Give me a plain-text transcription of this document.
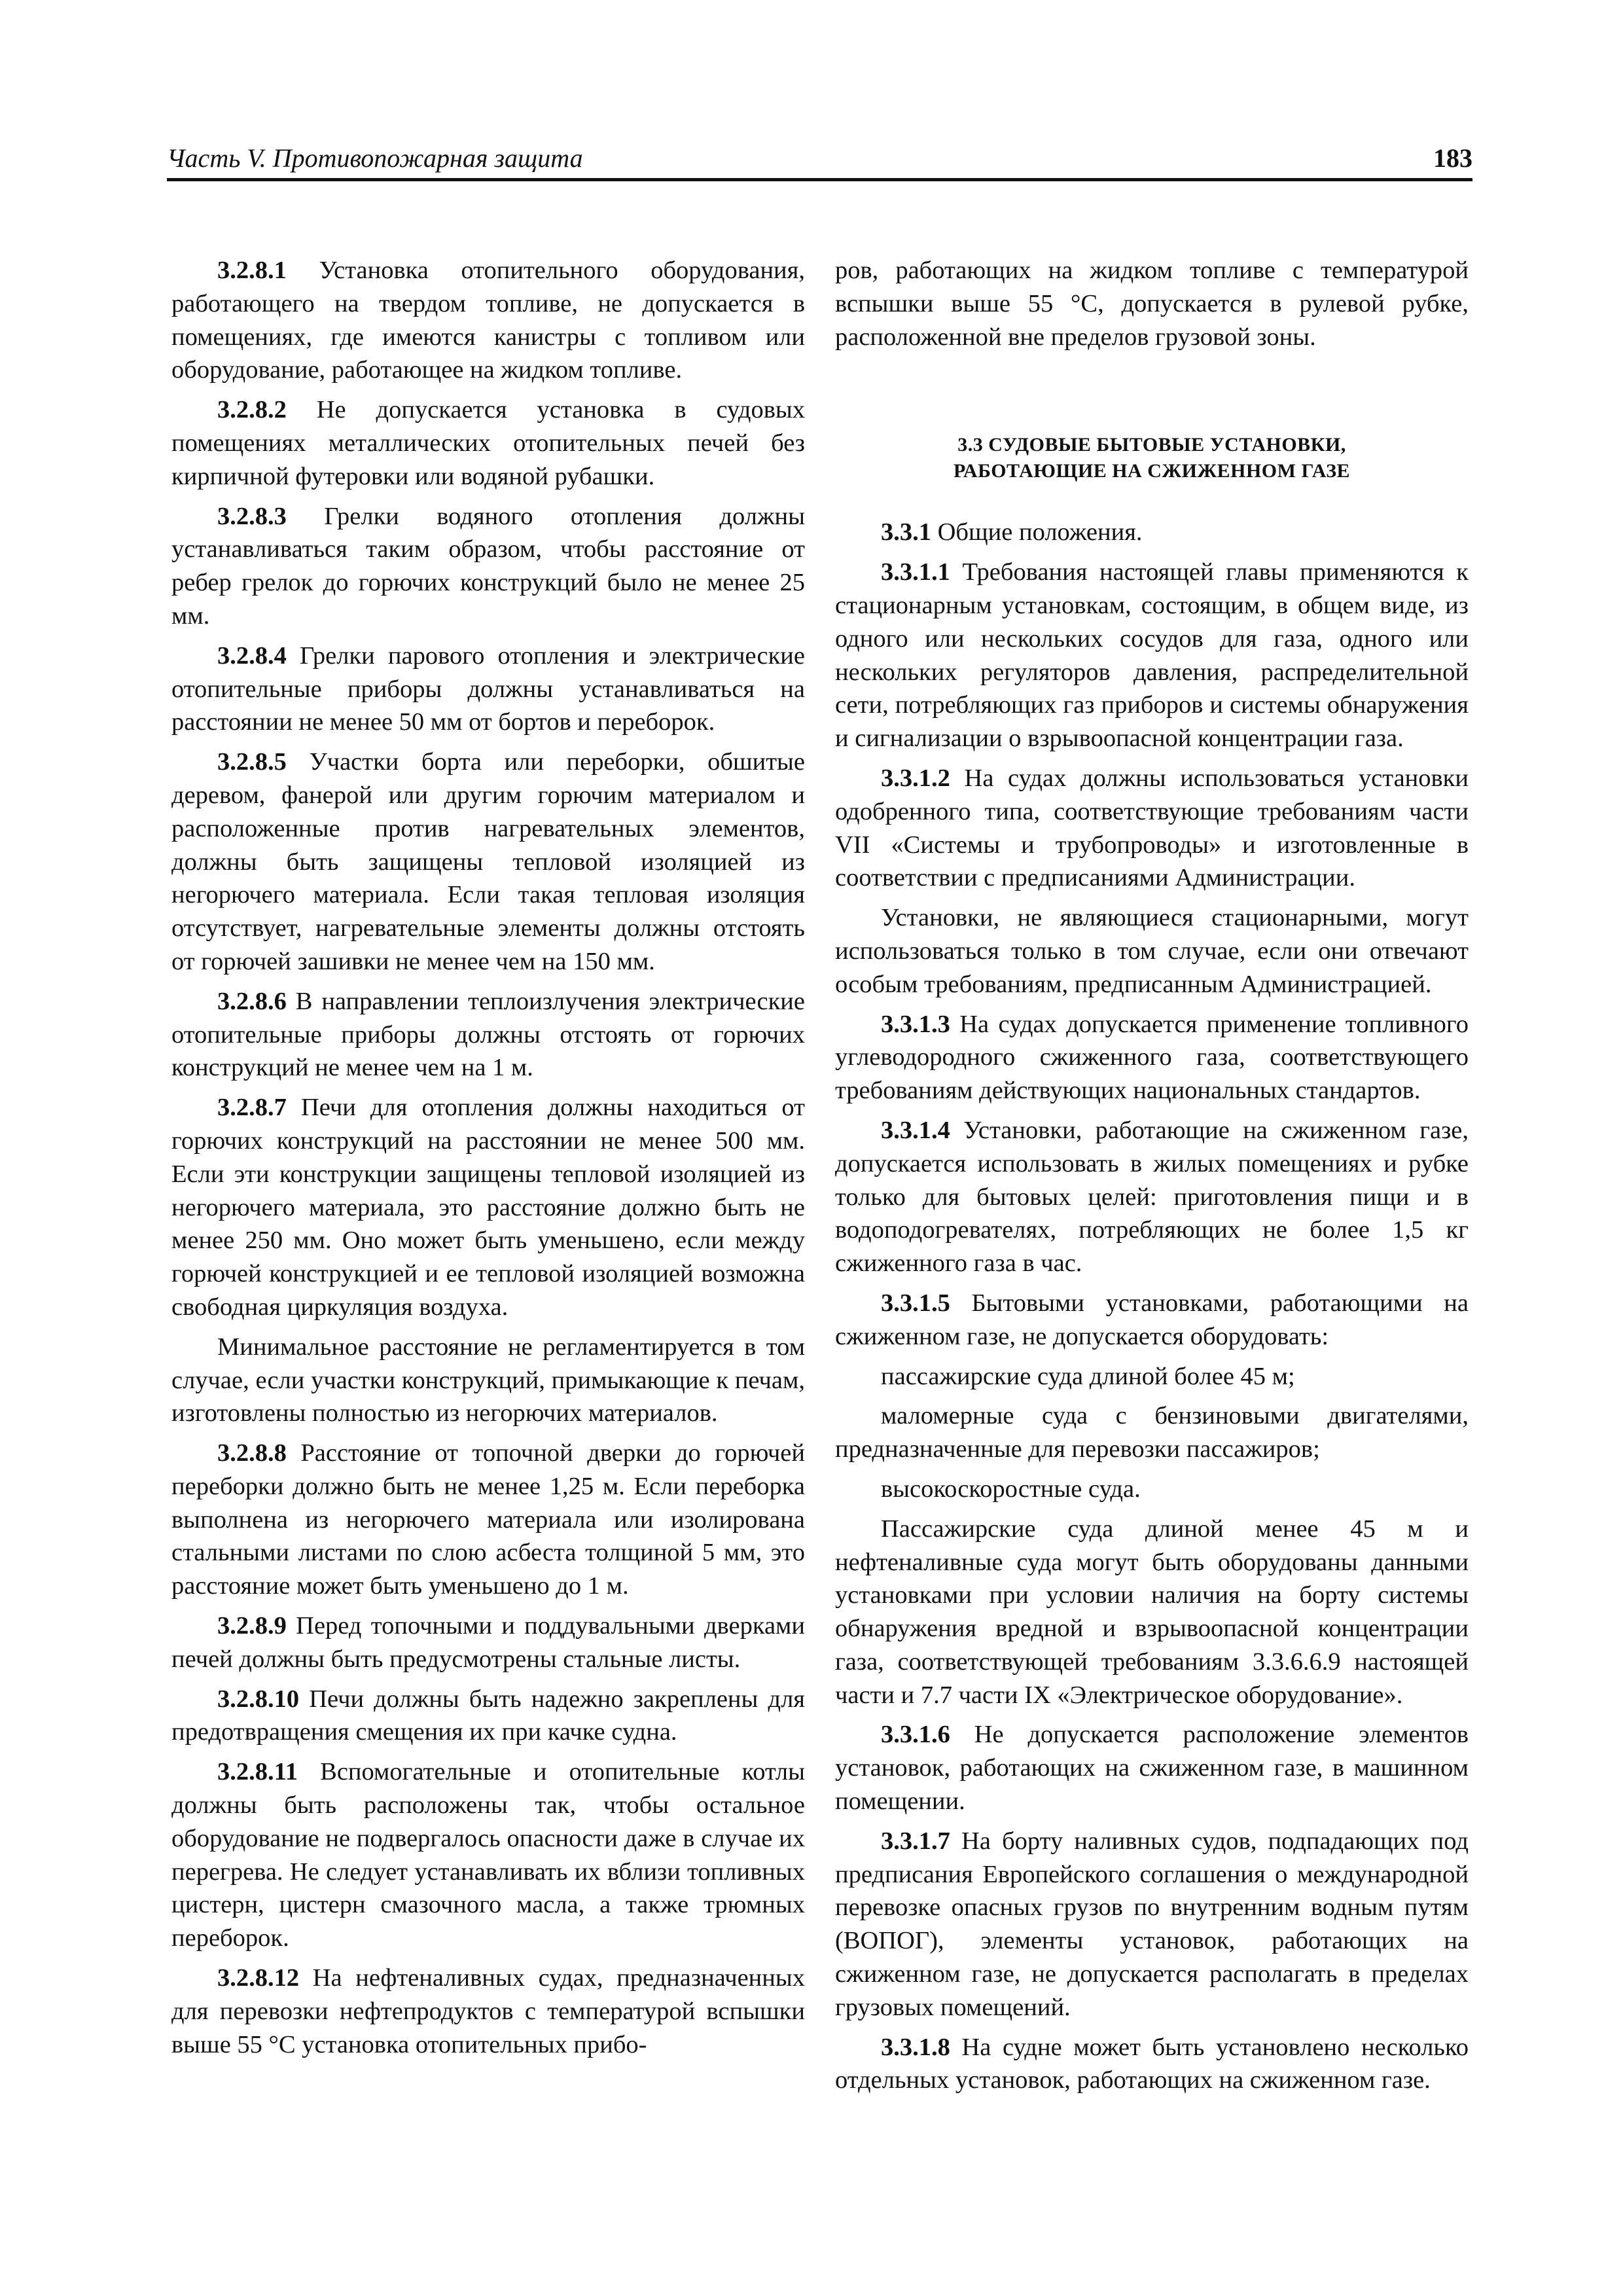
Часть V. Противопожарная защита	183

3.2.8.1 Установка отопительного оборудования, работающего на твердом топливе, не допускается в помещениях, где имеются канистры с топливом или оборудование, работающее на жидком топливе.

3.2.8.2 Не допускается установка в судовых помещениях металлических отопительных печей без кирпичной футеровки или водяной рубашки.

3.2.8.3 Грелки водяного отопления должны устанавливаться таким образом, чтобы расстояние от ребер грелок до горючих конструкций было не менее 25 мм.

3.2.8.4 Грелки парового отопления и электрические отопительные приборы должны устанавливаться на расстоянии не менее 50 мм от бортов и переборок.

3.2.8.5 Участки борта или переборки, обшитые деревом, фанерой или другим горючим материалом и расположенные против нагревательных элементов, должны быть защищены тепловой изоляцией из негорючего материала. Если такая тепловая изоляция отсутствует, нагревательные элементы должны отстоять от горючей зашивки не менее чем на 150 мм.

3.2.8.6 В направлении теплоизлучения электрические отопительные приборы должны отстоять от горючих конструкций не менее чем на 1 м.

3.2.8.7 Печи для отопления должны находиться от горючих конструкций на расстоянии не менее 500 мм. Если эти конструкции защищены тепловой изоляцией из негорючего материала, это расстояние должно быть не менее 250 мм. Оно может быть уменьшено, если между горючей конструкцией и ее тепловой изоляцией возможна свободная циркуляция воздуха.

Минимальное расстояние не регламентируется в том случае, если участки конструкций, примыкающие к печам, изготовлены полностью из негорючих материалов.

3.2.8.8 Расстояние от топочной дверки до горючей переборки должно быть не менее 1,25 м. Если переборка выполнена из негорючего материала или изолирована стальными листами по слою асбеста толщиной 5 мм, это расстояние может быть уменьшено до 1 м.

3.2.8.9 Перед топочными и поддувальными дверками печей должны быть предусмотрены стальные листы.

3.2.8.10 Печи должны быть надежно закреплены для предотвращения смещения их при качке судна.

3.2.8.11 Вспомогательные и отопительные котлы должны быть расположены так, чтобы остальное оборудование не подвергалось опасности даже в случае их перегрева. Не следует устанавливать их вблизи топливных цистерн, цистерн смазочного масла, а также трюмных переборок.

3.2.8.12 На нефтеналивных судах, предназначенных для перевозки нефтепродуктов с температурой вспышки выше 55 °С установка отопительных прибо-

ров, работающих на жидком топливе с температурой вспышки выше 55 °С, допускается в рулевой рубке, расположенной вне пределов грузовой зоны.

3.3 СУДОВЫЕ БЫТОВЫЕ УСТАНОВКИ,
РАБОТАЮЩИЕ НА СЖИЖЕННОМ ГАЗЕ

3.3.1 Общие положения.

3.3.1.1 Требования настоящей главы применяются к стационарным установкам, состоящим, в общем виде, из одного или нескольких сосудов для газа, одного или нескольких регуляторов давления, распределительной сети, потребляющих газ приборов и системы обнаружения и сигнализации о взрывоопасной концентрации газа.

3.3.1.2 На судах должны использоваться установки одобренного типа, соответствующие требованиям части VII «Системы и трубопроводы» и изготовленные в соответствии с предписаниями Администрации.

Установки, не являющиеся стационарными, могут использоваться только в том случае, если они отвечают особым требованиям, предписанным Администрацией.

3.3.1.3 На судах допускается применение топливного углеводородного сжиженного газа, соответствующего требованиям действующих национальных стандартов.

3.3.1.4 Установки, работающие на сжиженном газе, допускается использовать в жилых помещениях и рубке только для бытовых целей: приготовления пищи и в водоподогревателях, потребляющих не более 1,5 кг сжиженного газа в час.

3.3.1.5 Бытовыми установками, работающими на сжиженном газе, не допускается оборудовать:

пассажирские суда длиной более 45 м;

маломерные суда с бензиновыми двигателями, предназначенные для перевозки пассажиров;

высокоскоростные суда.

Пассажирские суда длиной менее 45 м и нефтеналивные суда могут быть оборудованы данными установками при условии наличия на борту системы обнаружения вредной и взрывоопасной концентрации газа, соответствующей требованиям 3.3.6.6.9 настоящей части и 7.7 части IX «Электрическое оборудование».

3.3.1.6 Не допускается расположение элементов установок, работающих на сжиженном газе, в машинном помещении.

3.3.1.7 На борту наливных судов, подпадающих под предписания Европейского соглашения о международной перевозке опасных грузов по внутренним водным путям (ВОПОГ), элементы установок, работающих на сжиженном газе, не допускается располагать в пределах грузовых помещений.

3.3.1.8 На судне может быть установлено несколько отдельных установок, работающих на сжиженном газе.
